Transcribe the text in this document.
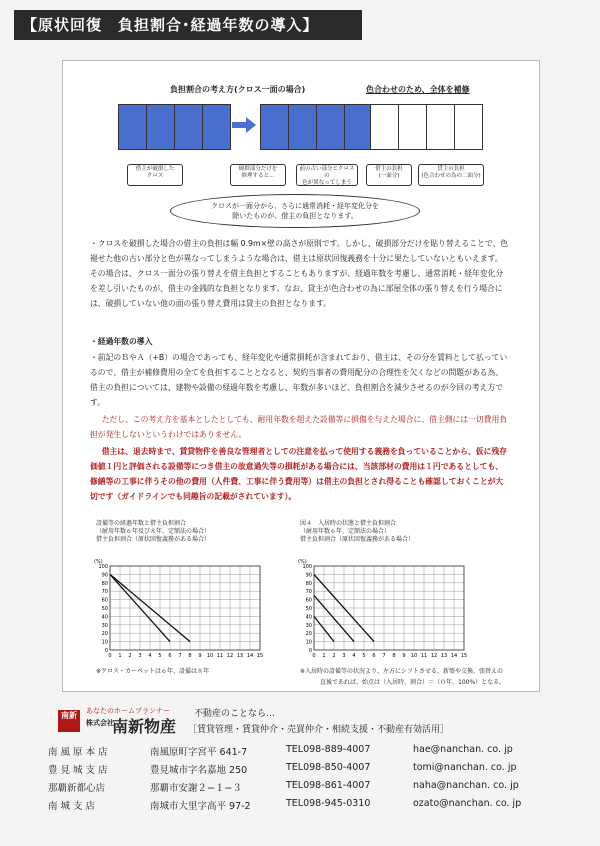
【原状回復　負担割合･経過年数の導入】
負担割合の考え方(クロス一面の場合)	色合わせのため、全体を補修
借主が破損した
クロス
破損部分だけを
修理すると…
前の古い部分とクロスの
色が異なってしまう
借主の負担
(一面分)
貸主の負担
(色合わせの為の二面分)
クロスが一面分から、さらに通常消耗・経年変化分を
除いたものが、借主の負担となります。
・クロスを破損した場合の借主の負担は幅 0.9m×壁の高さが原則です。しかし、破損部分だけを貼り替えることで、色褪せた他の古い部分と色が異なってしまうような場合は、借主は原状回復義務を十分に果たしていないともいえます。その場合は、クロス一面分の張り替えを借主負担とすることもありますが、経過年数を考慮し、通常消耗・経年変化分を差し引いたものが、借主の金銭的な負担となります。なお、貸主が色合わせの為に部屋全体の張り替えを行う場合には、破損していない他の面の張り替え費用は貸主の負担となります。
・経過年数の導入
・前記のＢやＡ（+B）の場合であっても、経年変化や通常損耗が含まれており、借主は、その分を賃料として払っているので、借主が補修費用の全てを負担することとなると、契約当事者の費用配分の合理性を欠くなどの問題がある為、借主の負担については、建物や設備の経過年数を考慮し、年数が多いほど、負担割合を減少させるのが今回の考え方です。
ただし、この考え方を基本としたとしても、耐用年数を超えた設備等に損傷を与えた場合に、借主側には一切費用負担が発生しないというわけではありません。
借主は、退去時まで、賃貸物件を善良な管理者としての注意を払って使用する義務を負っていることから、仮に残存価値１円と評価される設備等につき借主の故意過失等の損耗がある場合には、当該部材の費用は１円であるとしても、修繕等の工事に伴うその他の費用（人件費、工事に伴う費用等）は借主の負担とされ得ることも確認しておくことが大切です（ガイドラインでも同趣旨の記載がされています）。
設備等の経過年数と借主負担割合
（耐用年数６年及び８年、定額法の場合）
借主負担割合（原状回復義務がある場合）
図４　入居時の状態と借主負担割合
（耐用年数６年、定額法の場合）
借主負担割合（原状回復義務がある場合）
0
10
20
30
40
50
60
70
80
90
100
0 1 2 3 4 5 6 7 8 9 10 11 12 13 14 15
(%)
0
10
20
30
40
50
60
70
80
90
100
0 1 2 3 4 5 6 7 8 9 10 11 12 13 14 15
(%)
※クロス・カーペットは６年、設備は８年	※入居時の設備等の状況より、左方にシフトさせる。新築や交換、張替えの
直後であれば、始点は（入居時、割合）＝（０年、100%）となる。
南新	あなたのホームプランナー
株式会社
南新物産
不動産のことなら…
［賃貸管理・賃貸仲介・売買仲介・相続支援・不動産有効活用］
南 風 原 本 店	南風原町字宮平 641-7	TEL098-889-4007	hae@nanchan. co. jp
豊 見 城 支 店	豊見城市字名嘉地 250	TEL098-850-4007	tomi@nanchan. co. jp
那覇新都心店	那覇市安謝２−１−３	TEL098-861-4007	naha@nanchan. co. jp
南 城 支 店	南城市大里字高平 97-2	TEL098-945-0310	ozato@nanchan. co. jp
